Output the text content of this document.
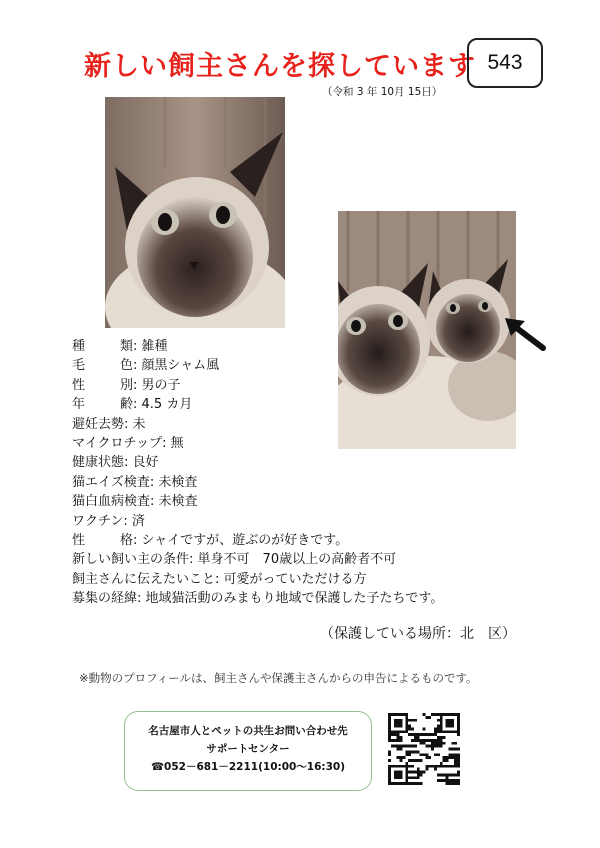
新しい飼主さんを探しています 543
（令和 3 年 10月 15日）
種類: 雑種
毛色: 顔黒シャム風
性別: 男の子
年齢: 4.5 カ月
避妊去勢: 未
マイクロチップ: 無
健康状態: 良好
猫エイズ検査: 未検査
猫白血病検査: 未検査
ワクチン: 済
性格: シャイですが、遊ぶのが好きです。
新しい飼い主の条件: 単身不可　70歳以上の高齢者不可
飼主さんに伝えたいこと: 可愛がっていただける方
募集の経緯: 地域猫活動のみまもり地域で保護した子たちです。
（保護している場所：北　区）
※動物のプロフィールは、飼主さんや保護主さんからの申告によるものです。
名古屋市人とペットの共生お問い合わせ先
サポートセンター
☎052－681－2211(10:00～16:30)
